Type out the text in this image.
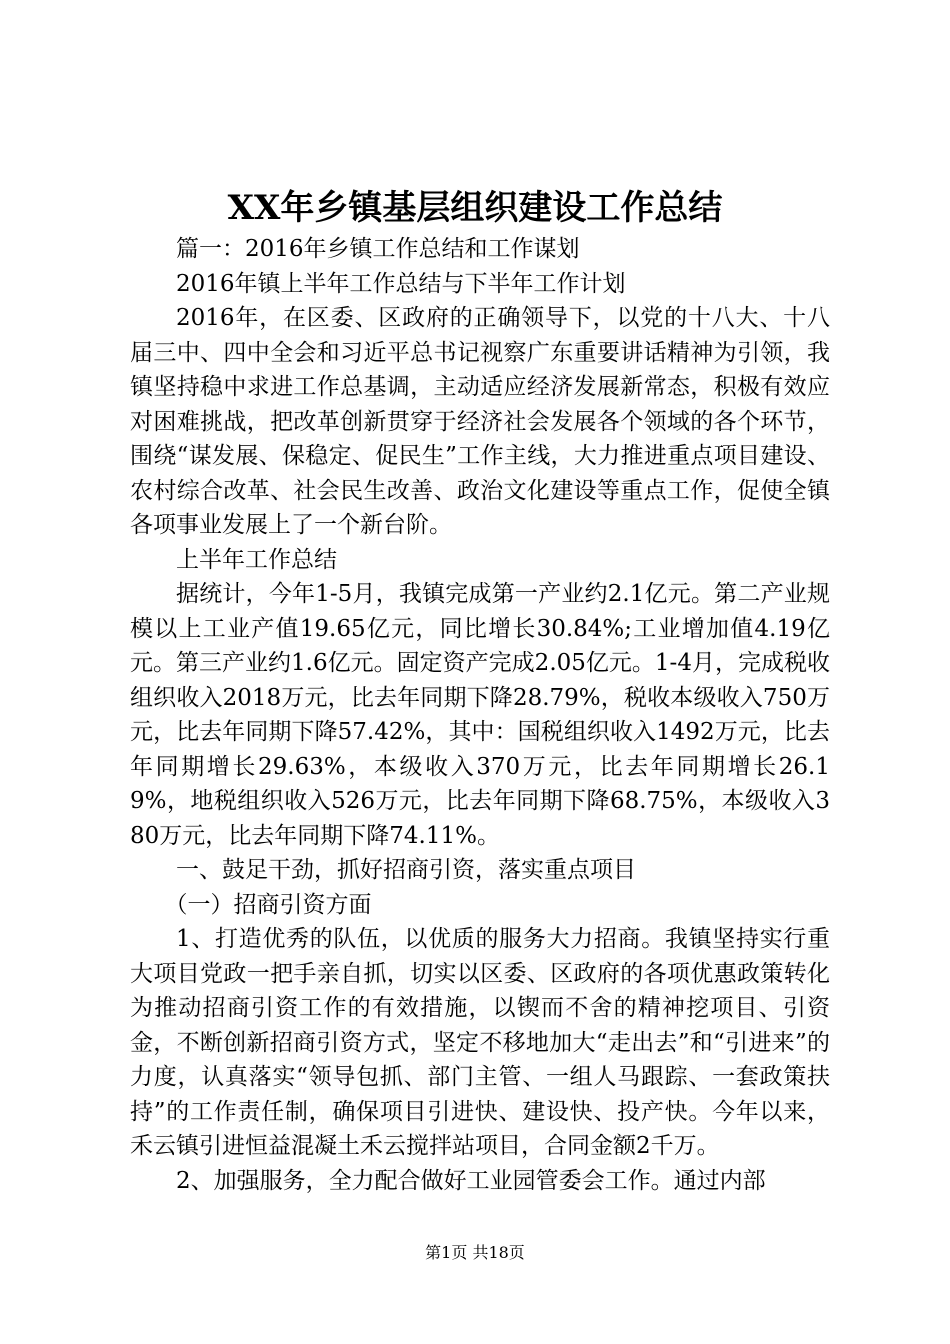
XX年乡镇基层组织建设工作总结

篇一：2016年乡镇工作总结和工作谋划

2016年镇上半年工作总结与下半年工作计划

2016年，在区委、区政府的正确领导下，以党的十八大、十八届三中、四中全会和习近平总书记视察广东重要讲话精神为引领，我镇坚持稳中求进工作总基调，主动适应经济发展新常态，积极有效应对困难挑战，把改革创新贯穿于经济社会发展各个领域的各个环节，围绕“谋发展、保稳定、促民生”工作主线，大力推进重点项目建设、农村综合改革、社会民生改善、政治文化建设等重点工作，促使全镇各项事业发展上了一个新台阶。

上半年工作总结

据统计，今年1-5月，我镇完成第一产业约2.1亿元。第二产业规模以上工业产值19.65亿元，同比增长30.84%;工业增加值4.19亿元。第三产业约1.6亿元。固定资产完成2.05亿元。1-4月，完成税收组织收入2018万元，比去年同期下降28.79%，税收本级收入750万元，比去年同期下降57.42%，其中：国税组织收入1492万元，比去年同期增长29.63%，本级收入370万元，比去年同期增长26.19%，地税组织收入526万元，比去年同期下降68.75%，本级收入380万元，比去年同期下降74.11%。

一、鼓足干劲，抓好招商引资，落实重点项目

（一）招商引资方面

1、打造优秀的队伍，以优质的服务大力招商。我镇坚持实行重大项目党政一把手亲自抓，切实以区委、区政府的各项优惠政策转化为推动招商引资工作的有效措施，以锲而不舍的精神挖项目、引资金，不断创新招商引资方式，坚定不移地加大“走出去”和“引进来”的力度，认真落实“领导包抓、部门主管、一组人马跟踪、一套政策扶持”的工作责任制，确保项目引进快、建设快、投产快。今年以来，禾云镇引进恒益混凝土禾云搅拌站项目，合同金额2千万。

2、加强服务，全力配合做好工业园管委会工作。通过内部

第1页 共18页
